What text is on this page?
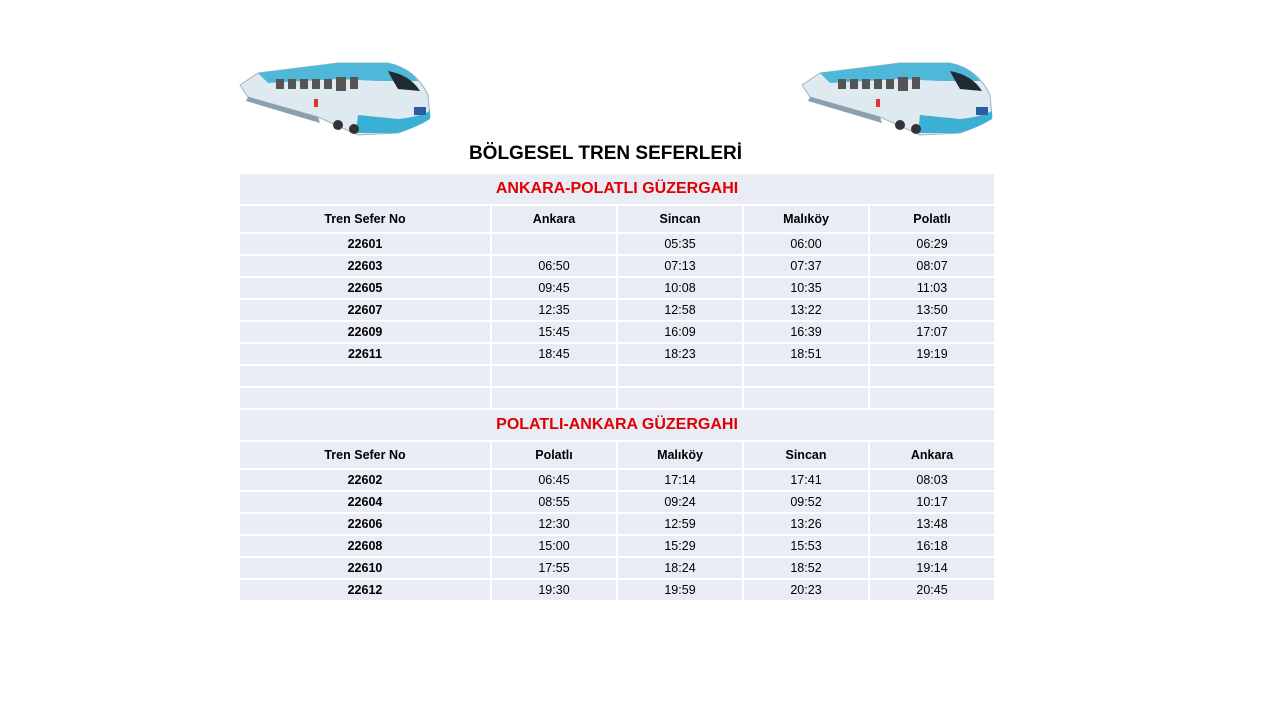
BÖLGESEL TREN SEFERLERİ
ANKARA-POLATLI GÜZERGAHI				
Tren Sefer No	Ankara	Sincan	Malıköy	Polatlı
22601		05:35	06:00	06:29
22603	06:50	07:13	07:37	08:07
22605	09:45	10:08	10:35	11:03
22607	12:35	12:58	13:22	13:50
22609	15:45	16:09	16:39	17:07
22611	18:45	18:23	18:51	19:19

POLATLI-ANKARA GÜZERGAHI				
Tren Sefer No	Polatlı	Malıköy	Sincan	Ankara
22602	06:45	17:14	17:41	08:03
22604	08:55	09:24	09:52	10:17
22606	12:30	12:59	13:26	13:48
22608	15:00	15:29	15:53	16:18
22610	17:55	18:24	18:52	19:14
22612	19:30	19:59	20:23	20:45
